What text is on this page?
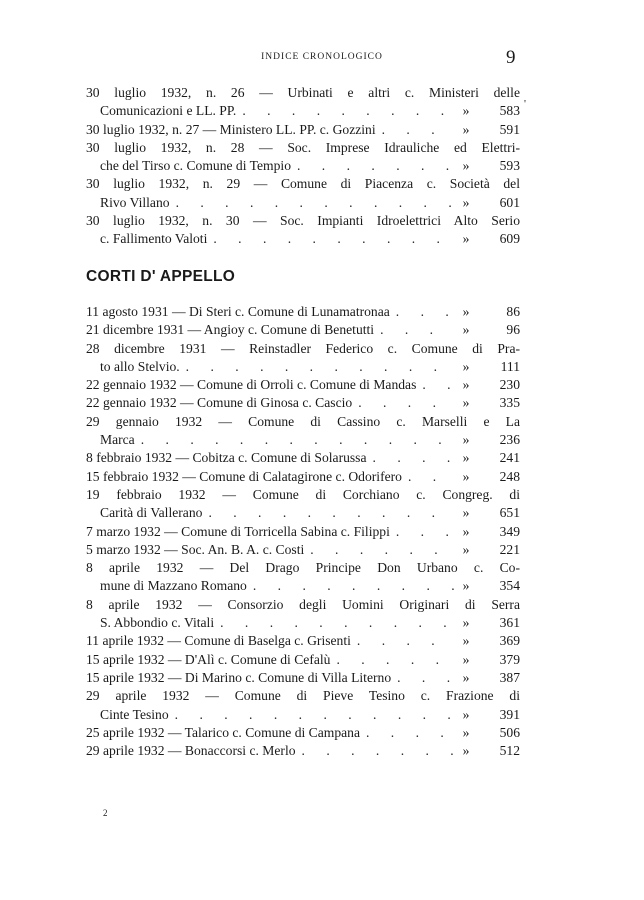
INDICE CRONOLOGICO	9
'
30 luglio 1932, n. 26 — Urbinati e altri c. Ministeri delle
Comunicazioni e LL. PP. . . .	»	583
30 luglio 1932, n. 27 — Ministero LL. PP. c. Gozzini . . .	»	591
30 luglio 1932, n. 28 — Soc. Imprese Idrauliche ed Elettri-
che del Tirso c. Comune di Tempio . . .	»	593
30 luglio 1932, n. 29 — Comune di Piacenza c. Società del
Rivo Villano . . .	»	601
30 luglio 1932, n. 30 — Soc. Impianti Idroelettrici Alto Serio
c. Fallimento Valoti . . .	»	609
CORTI D' APPELLO
11 agosto 1931 — Di Steri c. Comune di Lunamatronaa . . .	»	86
21 dicembre 1931 — Angioy c. Comune di Benetutti . . .	»	96
28 dicembre 1931 — Reinstadler Federico c. Comune di Pra-
to allo Stelvio. . . .	»	111
22 gennaio 1932 — Comune di Orroli c. Comune di Mandas . . .	»	230
22 gennaio 1932 — Comune di Ginosa c. Cascio . . .	»	335
29 gennaio 1932 — Comune di Cassino c. Marselli e La
Marca . . .	»	236
8 febbraio 1932 — Cobitza c. Comune di Solarussa . . .	»	241
15 febbraio 1932 — Comune di Calatagirone c. Odorifero . . .	»	248
19 febbraio 1932 — Comune di Corchiano c. Congreg. di
Carità di Vallerano . . .	»	651
7 marzo 1932 — Comune di Torricella Sabina c. Filippi . . .	»	349
5 marzo 1932 — Soc. An. B. A. c. Costi . . .	»	221
8 aprile 1932 — Del Drago Principe Don Urbano c. Co-
mune di Mazzano Romano . . .	»	354
8 aprile 1932 — Consorzio degli Uomini Originari di Serra
S. Abbondio c. Vitali . . .	»	361
11 aprile 1932 — Comune di Baselga c. Grisenti . . .	»	369
15 aprile 1932 — D'Alì c. Comune di Cefalù . . .	»	379
15 aprile 1932 — Di Marino c. Comune di Villa Literno . . .	»	387
29 aprile 1932 — Comune di Pieve Tesino c. Frazione di
Cinte Tesino . . .	»	391
25 aprile 1932 — Talarico c. Comune di Campana . . .	»	506
29 aprile 1932 — Bonaccorsi c. Merlo . . .	»	512
2
